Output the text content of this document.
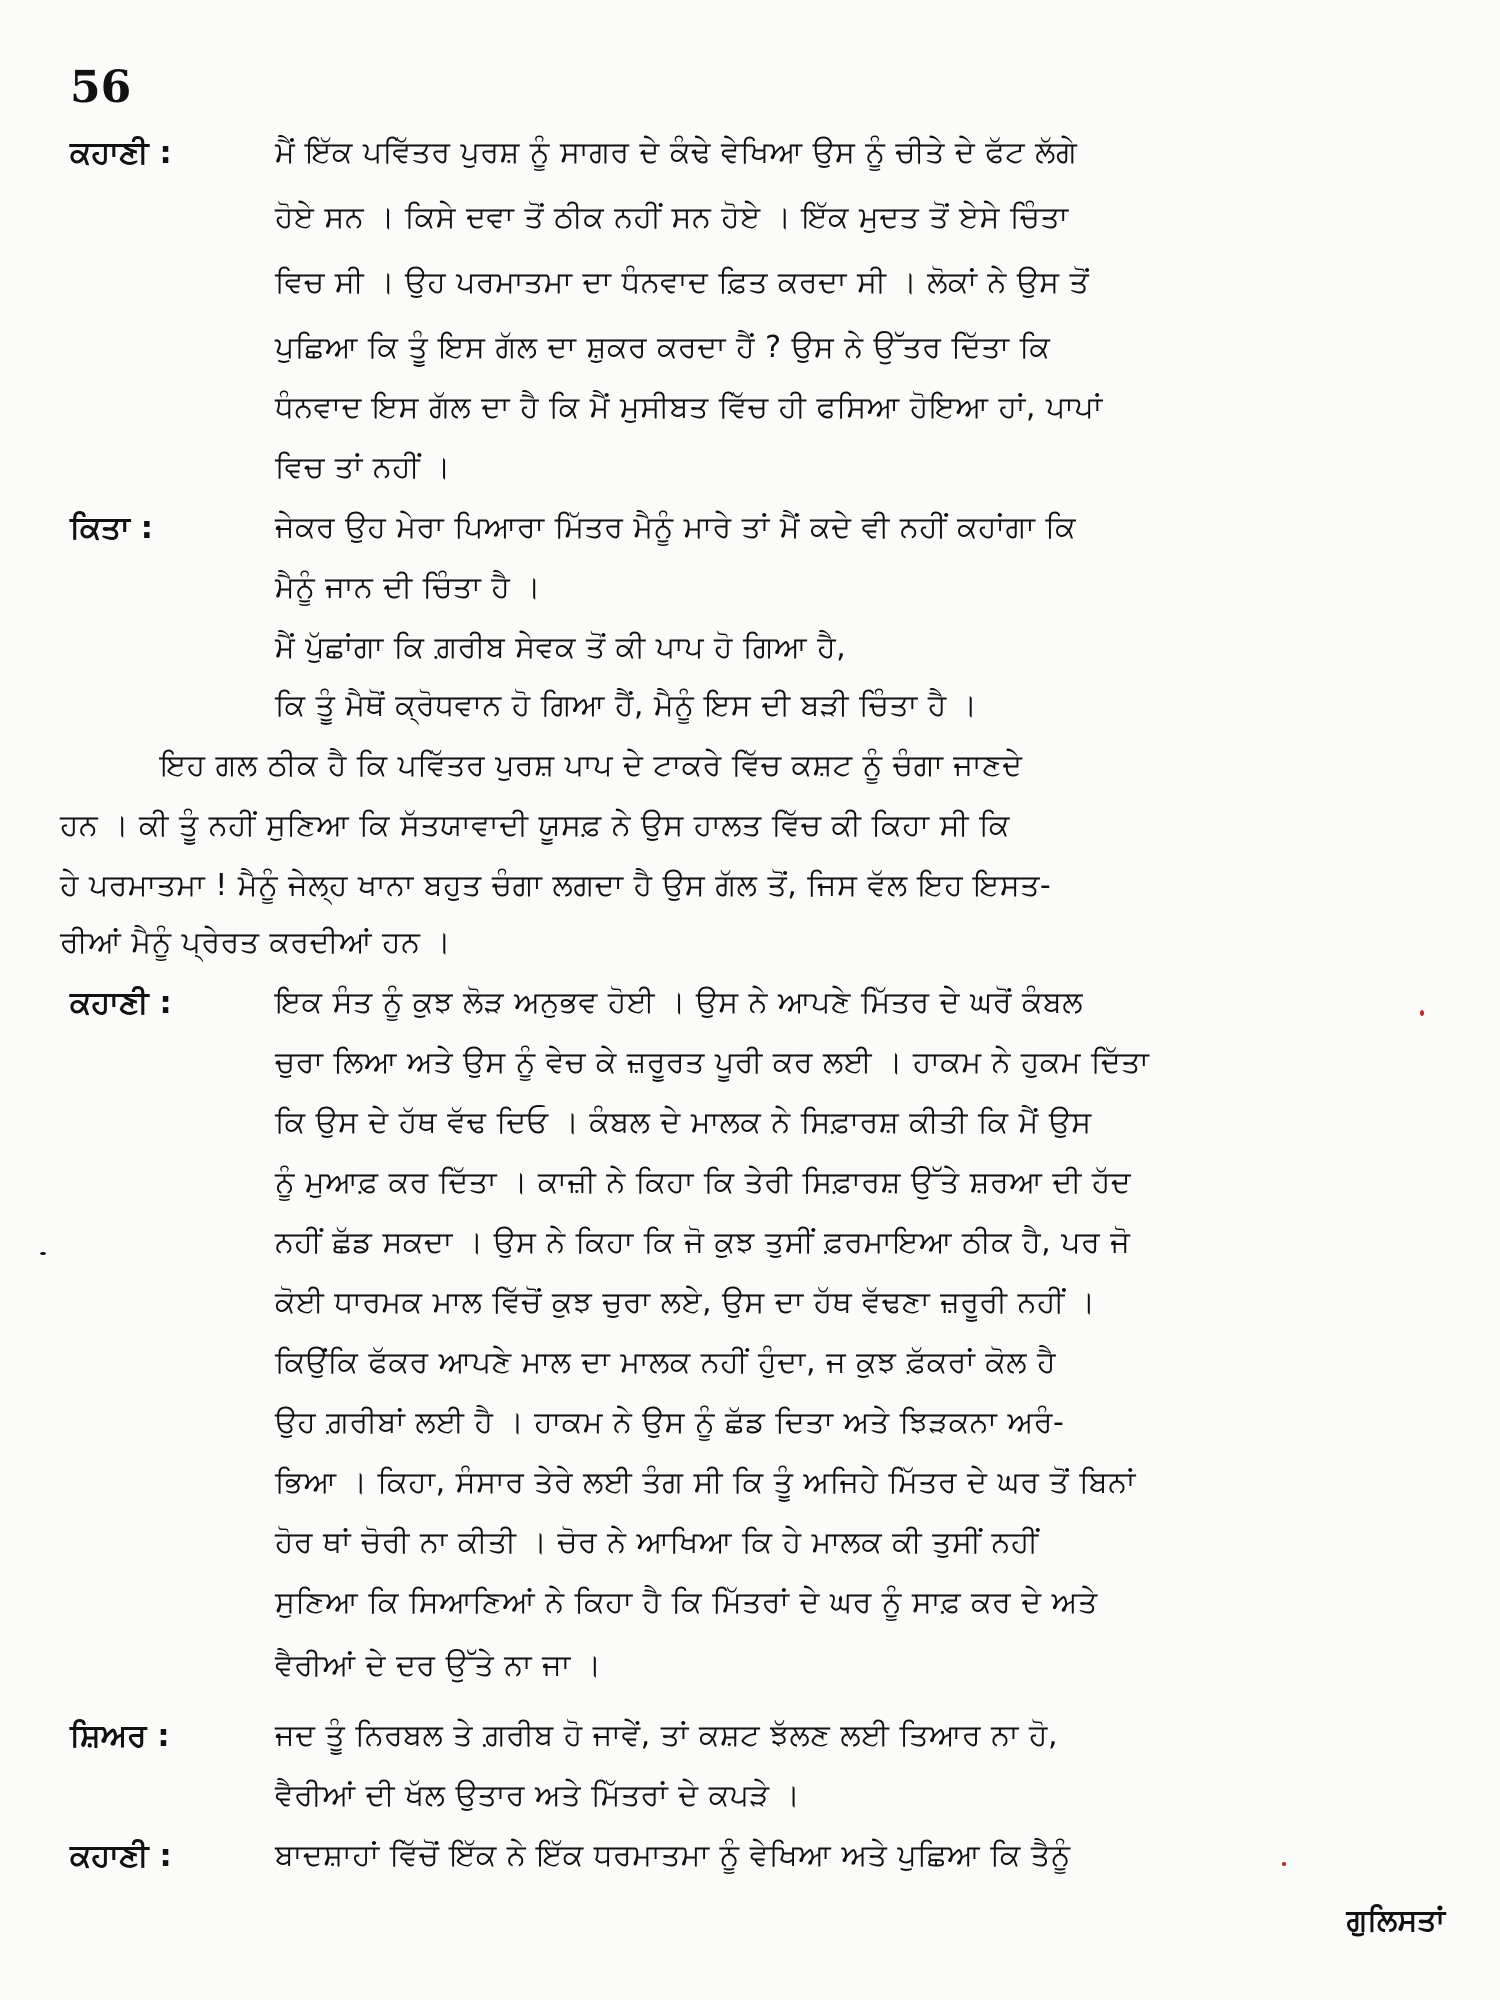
56
ਕਹਾਣੀ :
ਕਿਤਾ :
ਕਹਾਣੀ :
ਸ਼ਿਅਰ :
ਕਹਾਣੀ :
ਮੈਂ ਇੱਕ ਪਵਿੱਤਰ ਪੁਰਸ਼ ਨੂੰ ਸਾਗਰ ਦੇ ਕੰਢੇ ਵੇਖਿਆ ਉਸ ਨੂੰ ਚੀਤੇ ਦੇ ਫੱਟ ਲੱਗੇ
ਹੋਏ ਸਨ । ਕਿਸੇ ਦਵਾ ਤੋਂ ਠੀਕ ਨਹੀਂ ਸਨ ਹੋਏ । ਇੱਕ ਮੁਦਤ ਤੋਂ ਏਸੇ ਚਿੰਤਾ
ਵਿਚ ਸੀ । ਉਹ ਪਰਮਾਤਮਾ ਦਾ ਧੰਨਵਾਦ ਫ਼ਿਤ ਕਰਦਾ ਸੀ । ਲੋਕਾਂ ਨੇ ਉਸ ਤੋਂ
ਪੁਛਿਆ ਕਿ ਤੂੰ ਇਸ ਗੱਲ ਦਾ ਸ਼ੁਕਰ ਕਰਦਾ ਹੈਂ ? ਉਸ ਨੇ ਉੱਤਰ ਦਿੱਤਾ ਕਿ
ਧੰਨਵਾਦ ਇਸ ਗੱਲ ਦਾ ਹੈ ਕਿ ਮੈਂ ਮੁਸੀਬਤ ਵਿੱਚ ਹੀ ਫਸਿਆ ਹੋਇਆ ਹਾਂ, ਪਾਪਾਂ
ਵਿਚ ਤਾਂ ਨਹੀਂ ।
ਜੇਕਰ ਉਹ ਮੇਰਾ ਪਿਆਰਾ ਮਿੱਤਰ ਮੈਨੂੰ ਮਾਰੇ ਤਾਂ ਮੈਂ ਕਦੇ ਵੀ ਨਹੀਂ ਕਹਾਂਗਾ ਕਿ
ਮੈਨੂੰ ਜਾਨ ਦੀ ਚਿੰਤਾ ਹੈ ।
ਮੈਂ ਪੁੱਛਾਂਗਾ ਕਿ ਗ਼ਰੀਬ ਸੇਵਕ ਤੋਂ ਕੀ ਪਾਪ ਹੋ ਗਿਆ ਹੈ,
ਕਿ ਤੂੰ ਮੈਥੋਂ ਕ੍ਰੋਧਵਾਨ ਹੋ ਗਿਆ ਹੈਂ, ਮੈਨੂੰ ਇਸ ਦੀ ਬੜੀ ਚਿੰਤਾ ਹੈ ।
ਇਹ ਗਲ ਠੀਕ ਹੈ ਕਿ ਪਵਿੱਤਰ ਪੁਰਸ਼ ਪਾਪ ਦੇ ਟਾਕਰੇ ਵਿੱਚ ਕਸ਼ਟ ਨੂੰ ਚੰਗਾ ਜਾਣਦੇ
ਹਨ । ਕੀ ਤੂੰ ਨਹੀਂ ਸੁਣਿਆ ਕਿ ਸੱਤਯਾਵਾਦੀ ਯੂਸਫ਼ ਨੇ ਉਸ ਹਾਲਤ ਵਿੱਚ ਕੀ ਕਿਹਾ ਸੀ ਕਿ
ਹੇ ਪਰਮਾਤਮਾ ! ਮੈਨੂੰ ਜੇਲ੍ਹ ਖਾਨਾ ਬਹੁਤ ਚੰਗਾ ਲਗਦਾ ਹੈ ਉਸ ਗੱਲ ਤੋਂ, ਜਿਸ ਵੱਲ ਇਹ ਇਸਤ-
ਰੀਆਂ ਮੈਨੂੰ ਪ੍ਰੇਰਤ ਕਰਦੀਆਂ ਹਨ ।
ਇਕ ਸੰਤ ਨੂੰ ਕੁਝ ਲੋੜ ਅਨੁਭਵ ਹੋਈ । ਉਸ ਨੇ ਆਪਣੇ ਮਿੱਤਰ ਦੇ ਘਰੋਂ ਕੰਬਲ
ਚੁਰਾ ਲਿਆ ਅਤੇ ਉਸ ਨੂੰ ਵੇਚ ਕੇ ਜ਼ਰੂਰਤ ਪੂਰੀ ਕਰ ਲਈ । ਹਾਕਮ ਨੇ ਹੁਕਮ ਦਿੱਤਾ
ਕਿ ਉਸ ਦੇ ਹੱਥ ਵੱਢ ਦਿਓ । ਕੰਬਲ ਦੇ ਮਾਲਕ ਨੇ ਸਿਫ਼ਾਰਸ਼ ਕੀਤੀ ਕਿ ਮੈਂ ਉਸ
ਨੂੰ ਮੁਆਫ਼ ਕਰ ਦਿੱਤਾ । ਕਾਜ਼ੀ ਨੇ ਕਿਹਾ ਕਿ ਤੇਰੀ ਸਿਫ਼ਾਰਸ਼ ਉੱਤੇ ਸ਼ਰਆ ਦੀ ਹੱਦ
ਨਹੀਂ ਛੱਡ ਸਕਦਾ । ਉਸ ਨੇ ਕਿਹਾ ਕਿ ਜੋ ਕੁਝ ਤੁਸੀਂ ਫ਼ਰਮਾਇਆ ਠੀਕ ਹੈ, ਪਰ ਜੋ
ਕੋਈ ਧਾਰਮਕ ਮਾਲ ਵਿੱਚੋਂ ਕੁਝ ਚੁਰਾ ਲਏ, ਉਸ ਦਾ ਹੱਥ ਵੱਢਣਾ ਜ਼ਰੂਰੀ ਨਹੀਂ ।
ਕਿਉਂਕਿ ਫੱਕਰ ਆਪਣੇ ਮਾਲ ਦਾ ਮਾਲਕ ਨਹੀਂ ਹੁੰਦਾ, ਜ ਕੁਝ ਫ਼ੱਕਰਾਂ ਕੋਲ ਹੈ
ਉਹ ਗ਼ਰੀਬਾਂ ਲਈ ਹੈ । ਹਾਕਮ ਨੇ ਉਸ ਨੂੰ ਛੱਡ ਦਿਤਾ ਅਤੇ ਝਿੜਕਨਾ ਅਰੰ-
ਭਿਆ । ਕਿਹਾ, ਸੰਸਾਰ ਤੇਰੇ ਲਈ ਤੰਗ ਸੀ ਕਿ ਤੂੰ ਅਜਿਹੇ ਮਿੱਤਰ ਦੇ ਘਰ ਤੋਂ ਬਿਨਾਂ
ਹੋਰ ਥਾਂ ਚੋਰੀ ਨਾ ਕੀਤੀ । ਚੋਰ ਨੇ ਆਖਿਆ ਕਿ ਹੇ ਮਾਲਕ ਕੀ ਤੁਸੀਂ ਨਹੀਂ
ਸੁਣਿਆ ਕਿ ਸਿਆਣਿਆਂ ਨੇ ਕਿਹਾ ਹੈ ਕਿ ਮਿੱਤਰਾਂ ਦੇ ਘਰ ਨੂੰ ਸਾਫ਼ ਕਰ ਦੇ ਅਤੇ
ਵੈਰੀਆਂ ਦੇ ਦਰ ਉੱਤੇ ਨਾ ਜਾ ।
ਜਦ ਤੂੰ ਨਿਰਬਲ ਤੇ ਗ਼ਰੀਬ ਹੋ ਜਾਵੇਂ, ਤਾਂ ਕਸ਼ਟ ਝੱਲਣ ਲਈ ਤਿਆਰ ਨਾ ਹੋ,
ਵੈਰੀਆਂ ਦੀ ਖੱਲ ਉਤਾਰ ਅਤੇ ਮਿੱਤਰਾਂ ਦੇ ਕਪੜੇ ।
ਬਾਦਸ਼ਾਹਾਂ ਵਿੱਚੋਂ ਇੱਕ ਨੇ ਇੱਕ ਧਰਮਾਤਮਾ ਨੂੰ ਵੇਖਿਆ ਅਤੇ ਪੁਛਿਆ ਕਿ ਤੈਨੂੰ
ਗੁਲਿਸਤਾਂ
